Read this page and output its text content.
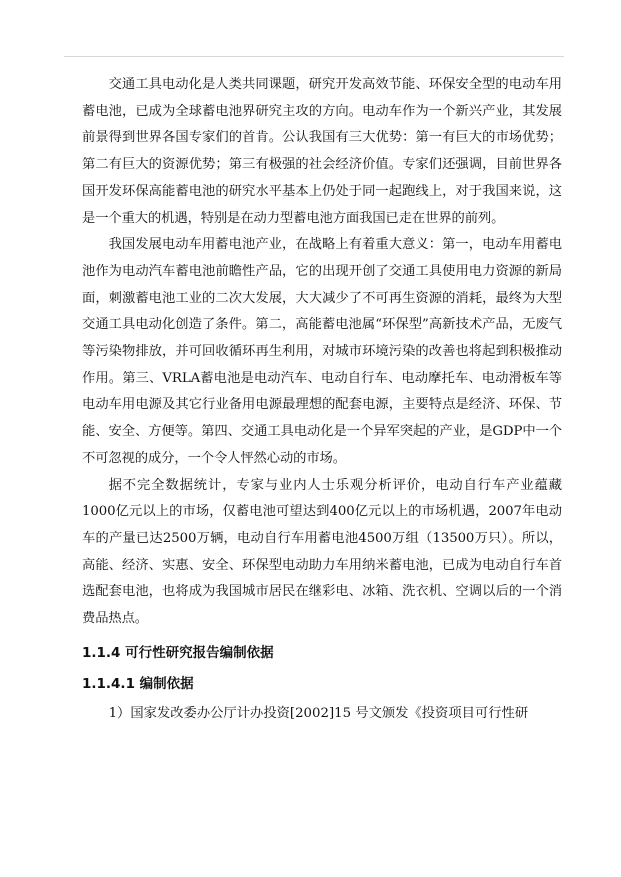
交通工具电动化是人类共同课题，研究开发高效节能、环保安全型的电动车用蓄电池，已成为全球蓄电池界研究主攻的方向。电动车作为一个新兴产业，其发展前景得到世界各国专家们的首肯。公认我国有三大优势：第一有巨大的市场优势；第二有巨大的资源优势；第三有极强的社会经济价值。专家们还强调，目前世界各国开发环保高能蓄电池的研究水平基本上仍处于同一起跑线上，对于我国来说，这是一个重大的机遇，特别是在动力型蓄电池方面我国已走在世界的前列。

我国发展电动车用蓄电池产业，在战略上有着重大意义：第一，电动车用蓄电池作为电动汽车蓄电池前瞻性产品，它的出现开创了交通工具使用电力资源的新局面，刺激蓄电池工业的二次大发展，大大减少了不可再生资源的消耗，最终为大型交通工具电动化创造了条件。第二，高能蓄电池属“环保型”高新技术产品，无废气等污染物排放，并可回收循环再生利用，对城市环境污染的改善也将起到积极推动作用。第三、VRLA蓄电池是电动汽车、电动自行车、电动摩托车、电动滑板车等电动车用电源及其它行业备用电源最理想的配套电源，主要特点是经济、环保、节能、安全、方便等。第四、交通工具电动化是一个异军突起的产业，是GDP中一个不可忽视的成分，一个令人怦然心动的市场。

据不完全数据统计，专家与业内人士乐观分析评价，电动自行车产业蕴藏1000亿元以上的市场，仅蓄电池可望达到400亿元以上的市场机遇，2007年电动车的产量已达2500万辆，电动自行车用蓄电池4500万组（13500万只）。所以，高能、经济、实惠、安全、环保型电动助力车用纳米蓄电池，已成为电动自行车首选配套电池，也将成为我国城市居民在继彩电、冰箱、洗衣机、空调以后的一个消费品热点。

1.1.4 可行性研究报告编制依据

1.1.4.1 编制依据

1）国家发改委办公厅计办投资[2002]15 号文颁发《投资项目可行性研
